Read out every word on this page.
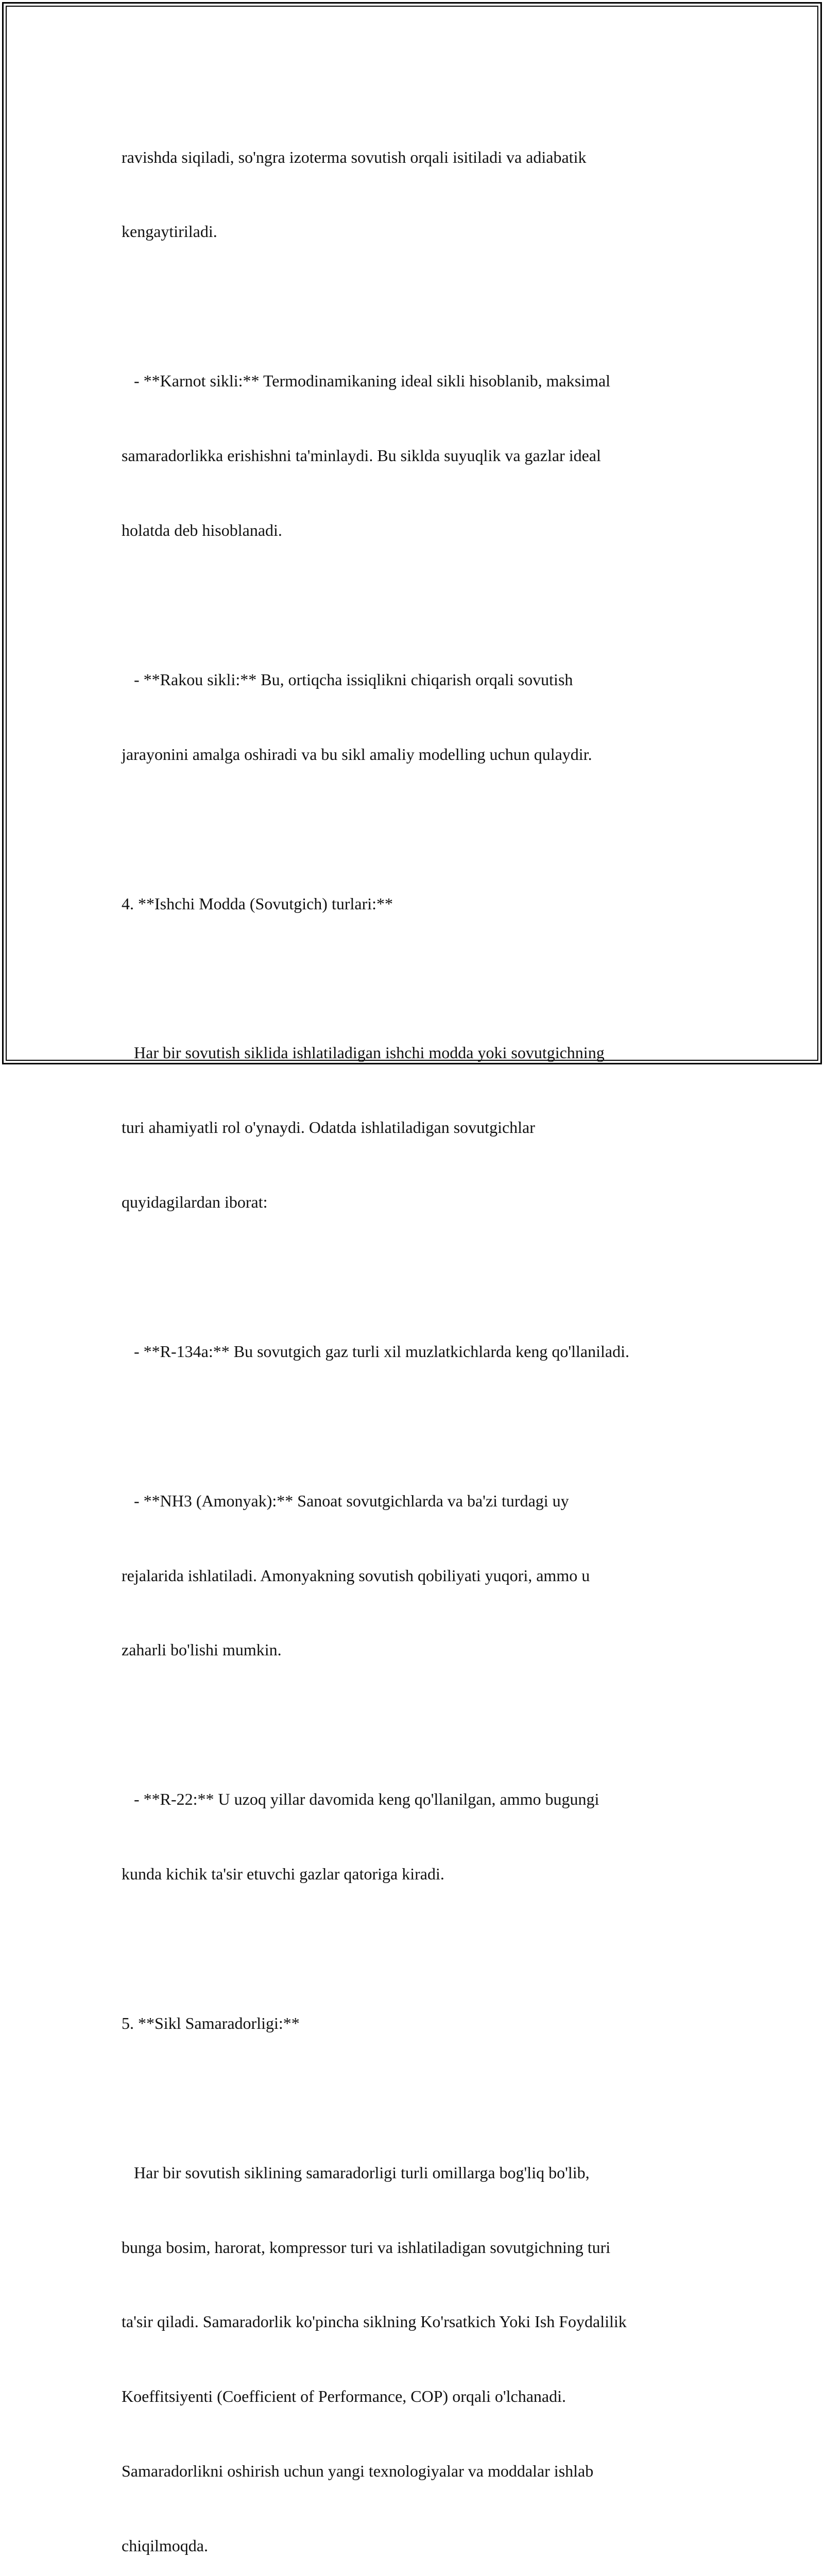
ravishda siqiladi, so'ngra izoterma sovutish orqali isitiladi va adiabatik

kengaytiriladi.

- **Karnot sikli:** Termodinamikaning ideal sikli hisoblanib, maksimal

samaradorlikka erishishni ta'minlaydi. Bu siklda suyuqlik va gazlar ideal

holatda deb hisoblanadi.

- **Rakou sikli:** Bu, ortiqcha issiqlikni chiqarish orqali sovutish

jarayonini amalga oshiradi va bu sikl amaliy modelling uchun qulaydir.

4. **Ishchi Modda (Sovutgich) turlari:**

Har bir sovutish siklida ishlatiladigan ishchi modda yoki sovutgichning

turi ahamiyatli rol o'ynaydi. Odatda ishlatiladigan sovutgichlar

quyidagilardan iborat:

- **R-134a:** Bu sovutgich gaz turli xil muzlatkichlarda keng qo'llaniladi.

- **NH3 (Amonyak):** Sanoat sovutgichlarda va ba'zi turdagi uy

rejalarida ishlatiladi. Amonyakning sovutish qobiliyati yuqori, ammo u

zaharli bo'lishi mumkin.

- **R-22:** U uzoq yillar davomida keng qo'llanilgan, ammo bugungi

kunda kichik ta'sir etuvchi gazlar qatoriga kiradi.

5. **Sikl Samaradorligi:**

Har bir sovutish siklining samaradorligi turli omillarga bog'liq bo'lib,

bunga bosim, harorat, kompressor turi va ishlatiladigan sovutgichning turi

ta'sir qiladi. Samaradorlik ko'pincha siklning Ko'rsatkich Yoki Ish Foydalilik

Koeffitsiyenti (Coefficient of Performance, COP) orqali o'lchanadi.

Samaradorlikni oshirish uchun yangi texnologiyalar va moddalar ishlab

chiqilmoqda.
